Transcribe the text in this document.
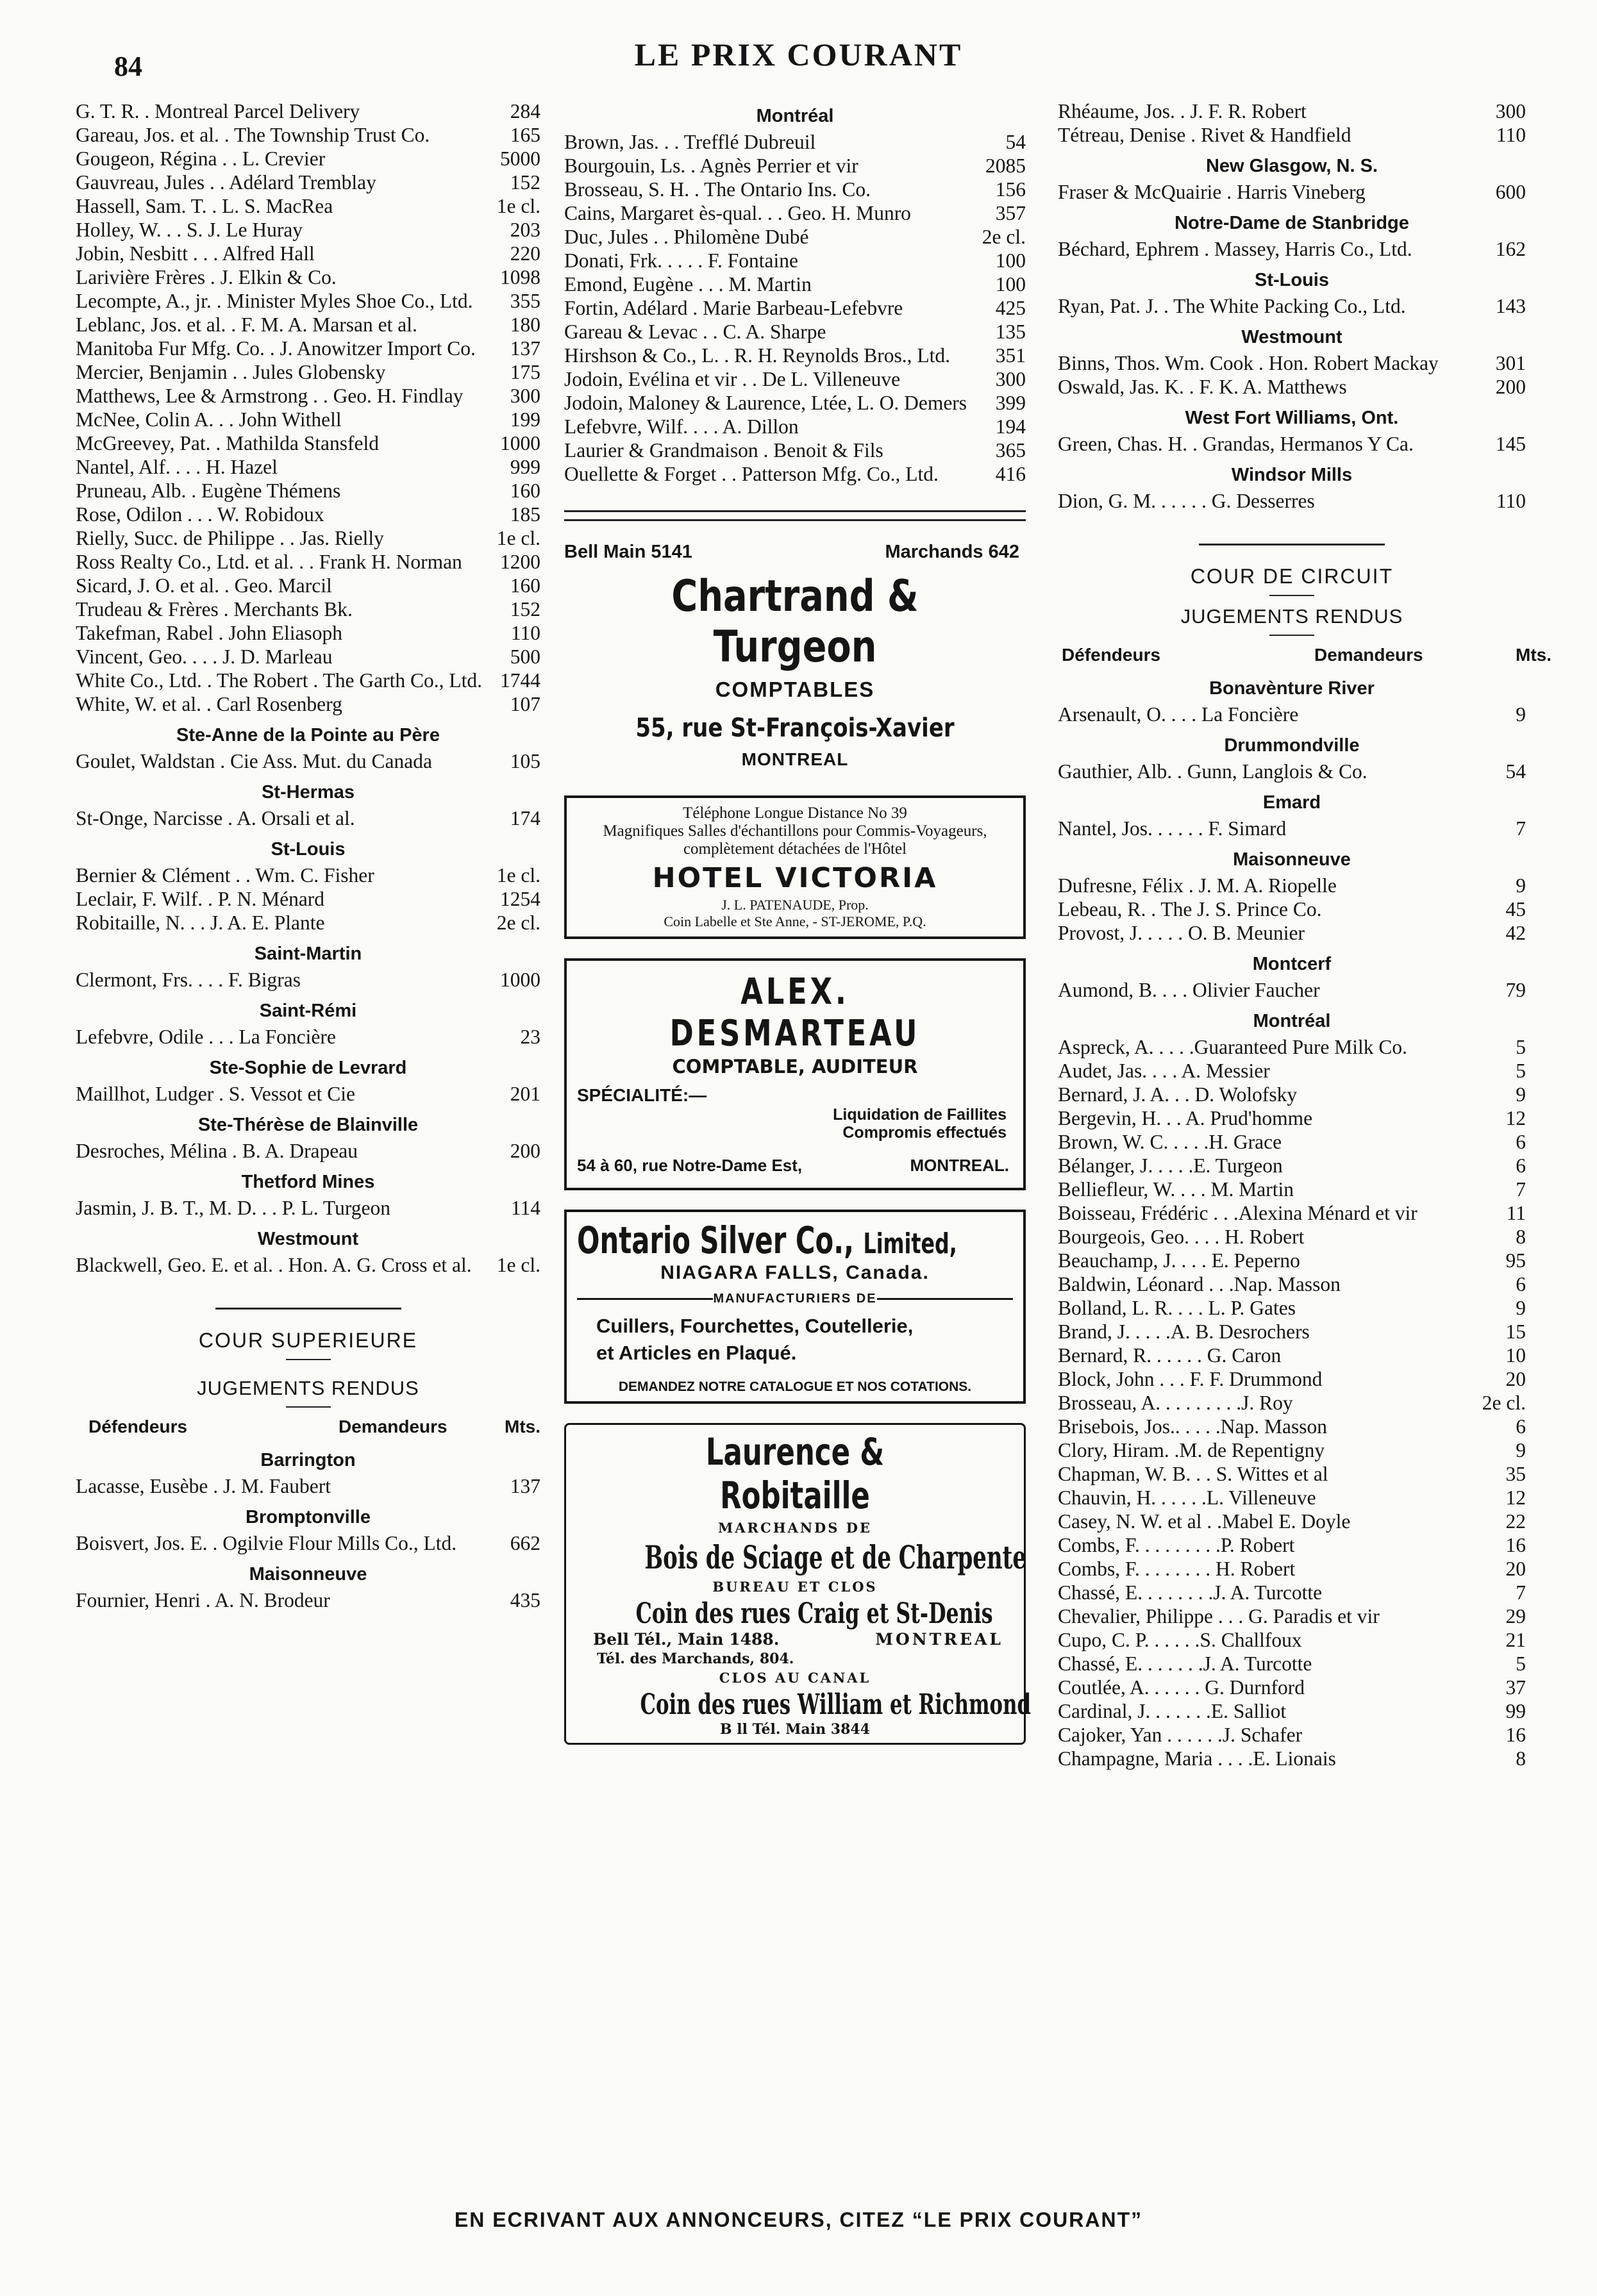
84	LE PRIX COURANT
G. T. R. . Montreal Parcel Delivery	284
Gareau, Jos. et al. . The Township Trust Co.	165
Gougeon, Régina . . L. Crevier	5000
Gauvreau, Jules . . Adélard Tremblay	152
Hassell, Sam. T. . L. S. MacRea	1e cl.
Holley, W. . . S. J. Le Huray	203
Jobin, Nesbitt . . . Alfred Hall	220
Larivière Frères . J. Elkin & Co.	1098
Lecompte, A., jr. . Minister Myles Shoe Co., Ltd.	355
Leblanc, Jos. et al. . F. M. A. Marsan et al.	180
Manitoba Fur Mfg. Co. . J. Anowitzer Import Co.	137
Mercier, Benjamin . . Jules Globensky	175
Matthews, Lee & Armstrong . . Geo. H. Findlay	300
McNee, Colin A. . . John Withell	199
McGreevey, Pat. . Mathilda Stansfeld	1000
Nantel, Alf. . . . H. Hazel	999
Pruneau, Alb. . Eugène Thémens	160
Rose, Odilon . . . W. Robidoux	185
Rielly, Succ. de Philippe . . Jas. Rielly	1e cl.
Ross Realty Co., Ltd. et al. . . Frank H. Norman	1200
Sicard, J. O. et al. . Geo. Marcil	160
Trudeau & Frères . Merchants Bk.	152
Takefman, Rabel . John Eliasoph	110
Vincent, Geo. . . . J. D. Marleau	500
White Co., Ltd. . The Robert . The Garth Co., Ltd. 1744
White, W. et al. . Carl Rosenberg	107
Ste-Anne de la Pointe au Père
Goulet, Waldstan . Cie Ass. Mut. du Canada	105
St-Hermas
St-Onge, Narcisse . A. Orsali et al.	174
St-Louis
Bernier & Clément . . Wm. C. Fisher	1e cl.
Leclair, F. Wilf. . P. N. Ménard	1254
Robitaille, N. . . J. A. E. Plante	2e cl.
Saint-Martin
Clermont, Frs. . . . F. Bigras	1000
Saint-Rémi
Lefebvre, Odile . . . La Foncière	23
Ste-Sophie de Levrard
Maillhot, Ludger . S. Vessot et Cie	201
Ste-Thérèse de Blainville
Desroches, Mélina . B. A. Drapeau	200
Thetford Mines
Jasmin, J. B. T., M. D. . . P. L. Turgeon	114
Westmount
Blackwell, Geo. E. et al. . Hon. A. G. Cross et al.	1e cl.
COUR SUPERIEURE
JUGEMENTS RENDUS
Défendeurs	Demandeurs	Mts.
Barrington
Lacasse, Eusèbe . J. M. Faubert	137
Bromptonville
Boisvert, Jos. E. . Ogilvie Flour Mills Co., Ltd.	662
Maisonneuve
Fournier, Henri . A. N. Brodeur	435
Montréal
Brown, Jas. . . Trefflé Dubreuil	54
Bourgouin, Ls. . Agnès Perrier et vir	2085
Brosseau, S. H. . The Ontario Ins. Co.	156
Cains, Margaret ès-qual. . . Geo. H. Munro	357
Duc, Jules . . Philomène Dubé	2e cl.
Donati, Frk. . . . . F. Fontaine	100
Emond, Eugène . . . M. Martin	100
Fortin, Adélard . Marie Barbeau-Lefebvre	425
Gareau & Levac . . C. A. Sharpe	135
Hirshson & Co., L. . R. H. Reynolds Bros., Ltd.	351
Jodoin, Evélina et vir . . De L. Villeneuve	300
Jodoin, Maloney & Laurence, Ltée, L. O. Demers	399
Lefebvre, Wilf. . . . A. Dillon	194
Laurier & Grandmaison . Benoit & Fils	365
Ouellette & Forget . . Patterson Mfg. Co., Ltd.	416
Bell Main 5141	Marchands 642
Chartrand & Turgeon
COMPTABLES
55, rue St-François-Xavier
MONTREAL
Téléphone Longue Distance No 39
Magnifiques Salles d'échantillons pour Commis-Voyageurs, complètement détachées de l'Hôtel
HOTEL VICTORIA
J. L. PATENAUDE, Prop.
Coin Labelle et Ste Anne, - ST-JEROME, P.Q.
ALEX. DESMARTEAU
COMPTABLE, AUDITEUR
SPÉCIALITÉ:—
Liquidation de Faillites
Compromis effectués
54 à 60, rue Notre-Dame Est,	MONTREAL.
Ontario Silver Co., Limited,
NIAGARA FALLS, Canada.
MANUFACTURIERS DE
Cuillers, Fourchettes, Coutellerie,
et Articles en Plaqué.
DEMANDEZ NOTRE CATALOGUE ET NOS COTATIONS.
Laurence & Robitaille
MARCHANDS DE
Bois de Sciage et de Charpente
BUREAU ET CLOS
Coin des rues Craig et St-Denis
Bell Tél., Main 1488.	MONTREAL
Tél. des Marchands, 804.
CLOS AU CANAL
Coin des rues William et Richmond
B ll Tél. Main 3844
Rhéaume, Jos. . J. F. R. Robert	300
Tétreau, Denise . Rivet & Handfield	110
New Glasgow, N. S.
Fraser & McQuairie . Harris Vineberg	600
Notre-Dame de Stanbridge
Béchard, Ephrem . Massey, Harris Co., Ltd.	162
St-Louis
Ryan, Pat. J. . The White Packing Co., Ltd.	143
Westmount
Binns, Thos. Wm. Cook . Hon. Robert Mackay	301
Oswald, Jas. K. . F. K. A. Matthews	200
West Fort Williams, Ont.
Green, Chas. H. . Grandas, Hermanos Y Ca.	145
Windsor Mills
Dion, G. M. . . . . . G. Desserres	110
COUR DE CIRCUIT
JUGEMENTS RENDUS
Défendeurs	Demandeurs	Mts.
Bonavènture River
Arsenault, O. . . . La Foncière	9
Drummondville
Gauthier, Alb. . Gunn, Langlois & Co.	54
Emard
Nantel, Jos. . . . . . F. Simard	7
Maisonneuve
Dufresne, Félix . J. M. A. Riopelle	9
Lebeau, R. . The J. S. Prince Co.	45
Provost, J. . . . . O. B. Meunier	42
Montcerf
Aumond, B. . . . Olivier Faucher	79
Montréal
Aspreck, A. . . . .Guaranteed Pure Milk Co.	5
Audet, Jas. . . . A. Messier	5
Bernard, J. A. . . D. Wolofsky	9
Bergevin, H. . . A. Prud'homme	12
Brown, W. C. . . . .H. Grace	6
Bélanger, J. . . . .E. Turgeon	6
Belliefleur, W. . . . M. Martin	7
Boisseau, Frédéric . . .Alexina Ménard et vir	11
Bourgeois, Geo. . . . H. Robert	8
Beauchamp, J. . . . E. Peperno	95
Baldwin, Léonard . . .Nap. Masson	6
Bolland, L. R. . . . L. P. Gates	9
Brand, J. . . . .A. B. Desrochers	15
Bernard, R. . . . . . G. Caron	10
Block, John . . . F. F. Drummond	20
Brosseau, A. . . . . . . . .J. Roy	2e cl.
Brisebois, Jos.. . . . .Nap. Masson	6
Clory, Hiram. .M. de Repentigny	9
Chapman, W. B. . . S. Wittes et al	35
Chauvin, H. . . . . .L. Villeneuve	12
Casey, N. W. et al . .Mabel E. Doyle	22
Combs, F. . . . . . . . .P. Robert	16
Combs, F. . . . . . . . H. Robert	20
Chassé, E. . . . . . . .J. A. Turcotte	7
Chevalier, Philippe . . . G. Paradis et vir	29
Cupo, C. P. . . . . .S. Challfoux	21
Chassé, E. . . . . . .J. A. Turcotte	5
Coutlée, A. . . . . . G. Durnford	37
Cardinal, J. . . . . . .E. Salliot	99
Cajoker, Yan . . . . . .J. Schafer	16
Champagne, Maria . . . .E. Lionais	8
EN ECRIVANT AUX ANNONCEURS, CITEZ “LE PRIX COURANT”
